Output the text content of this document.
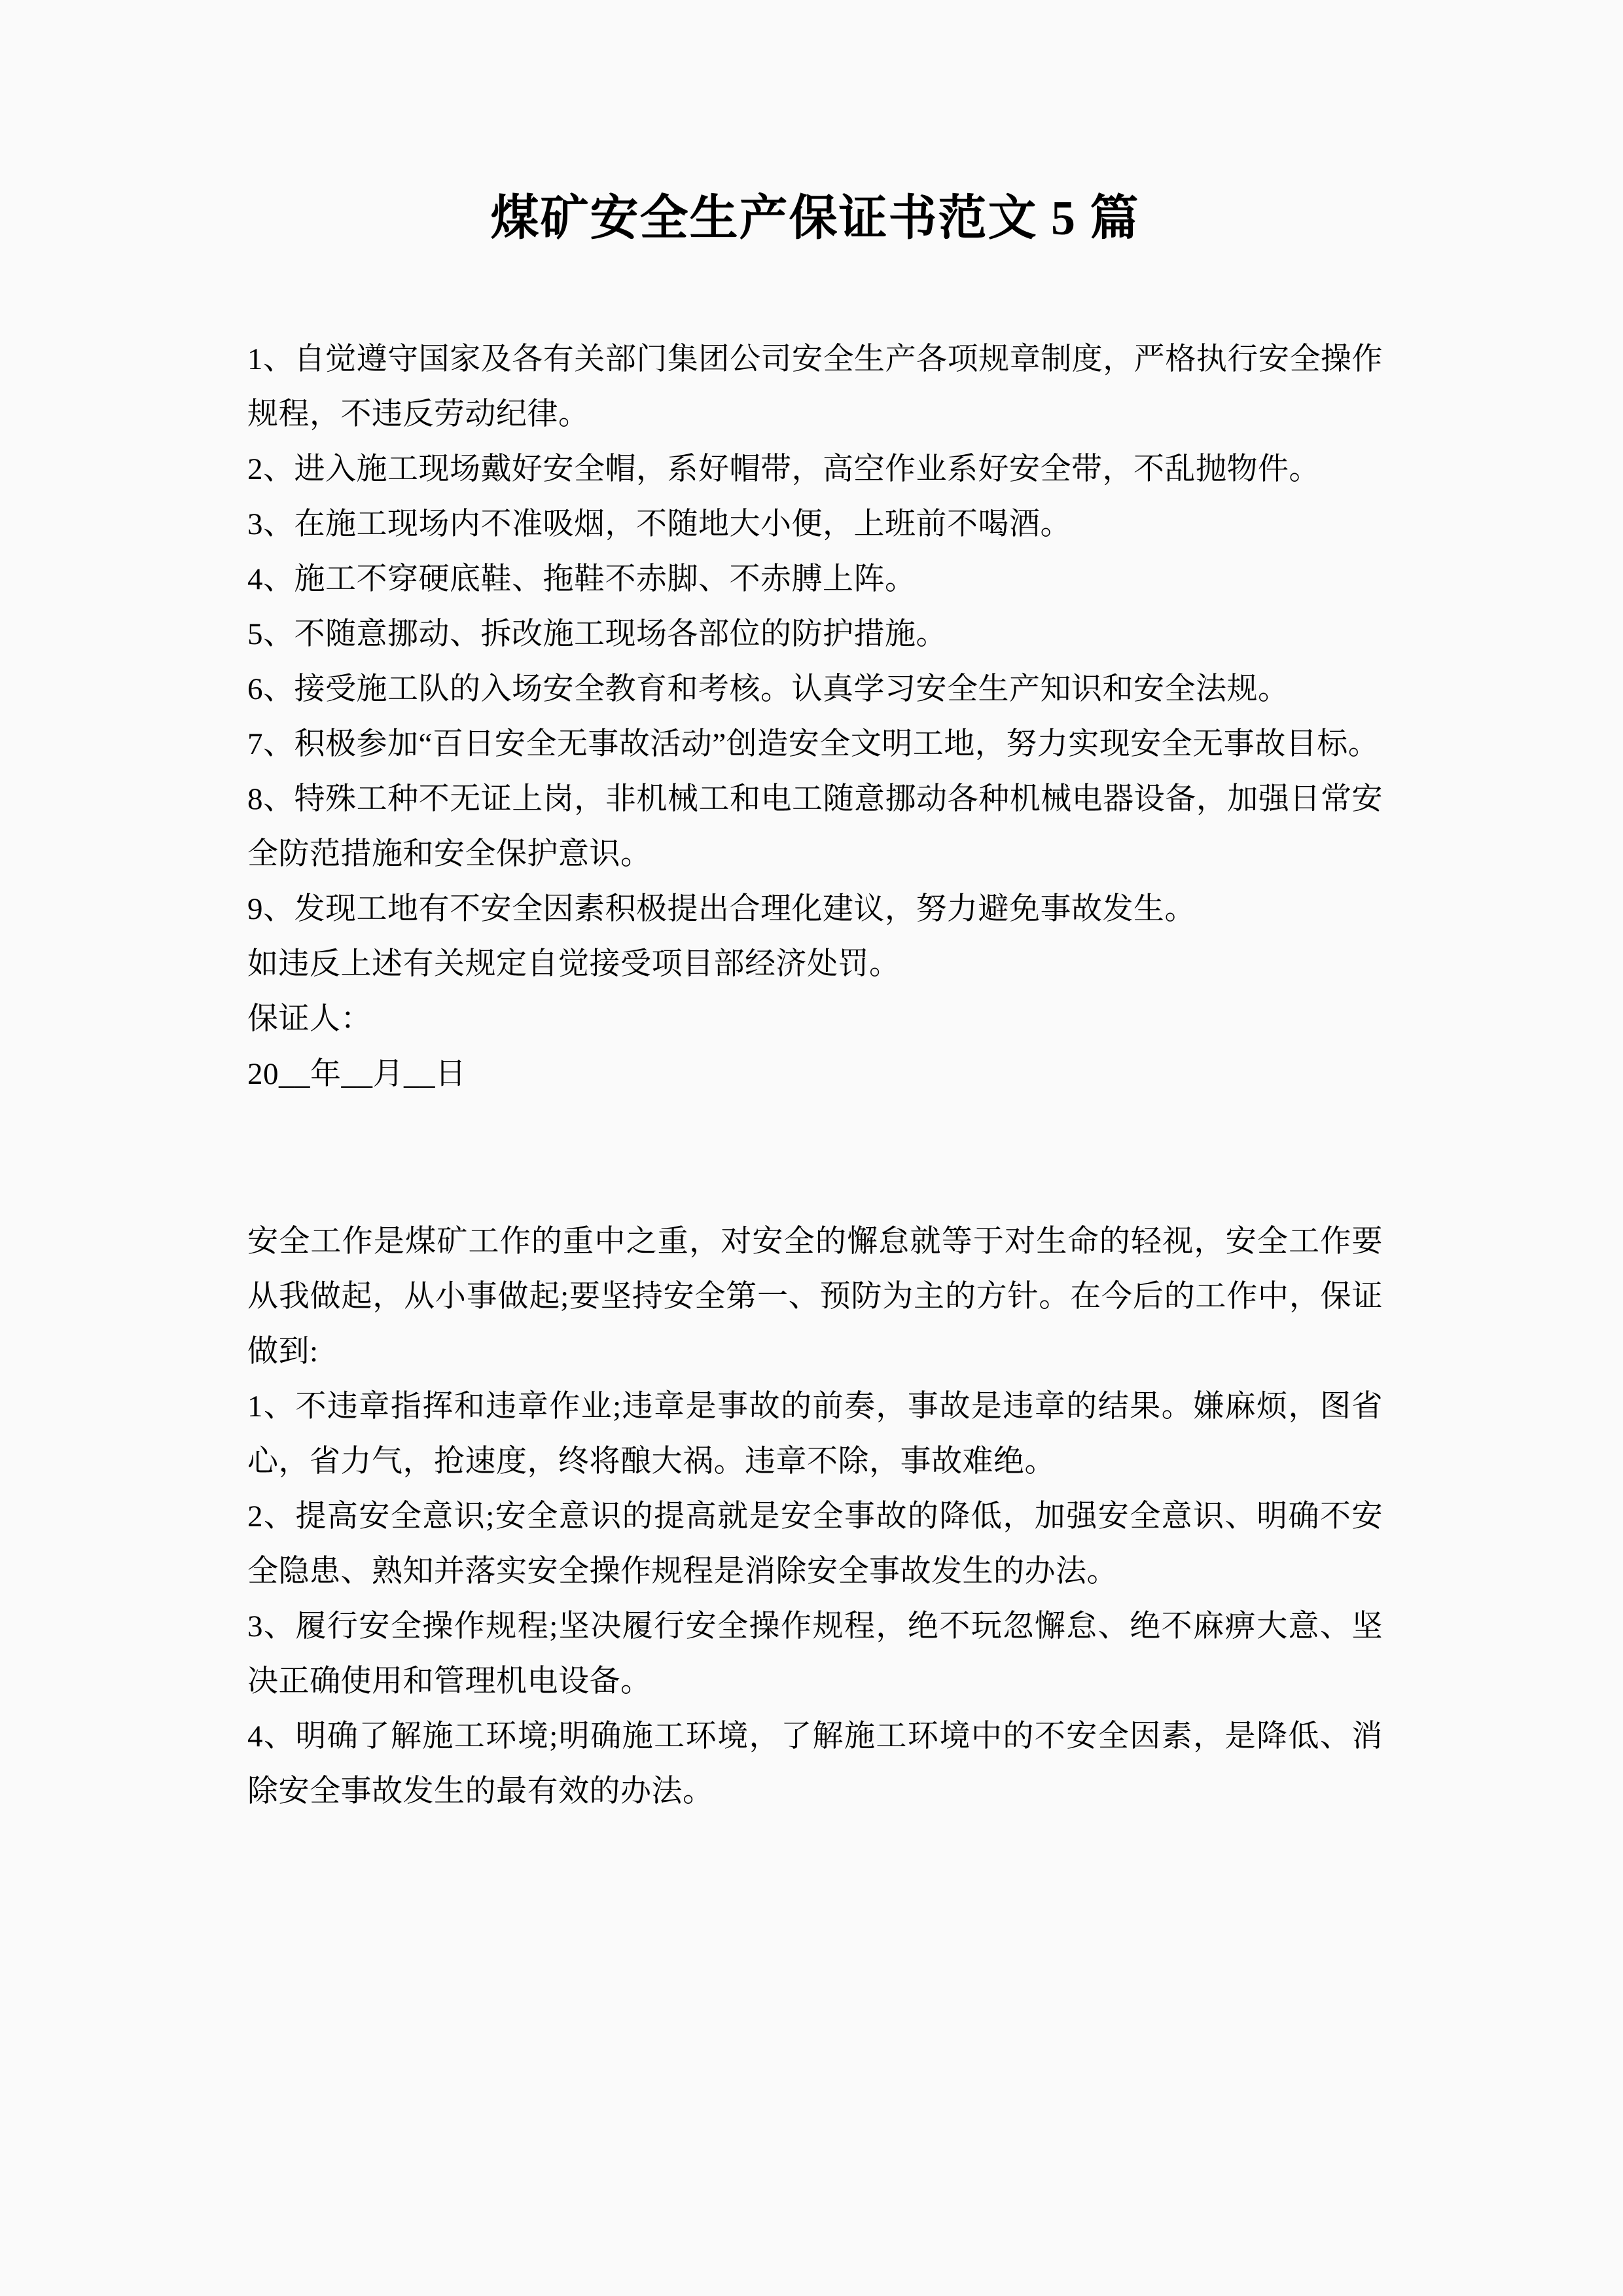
煤矿安全生产保证书范文 5 篇

1、自觉遵守国家及各有关部门集团公司安全生产各项规章制度，严格执行安全操作规程，不违反劳动纪律。

2、进入施工现场戴好安全帽，系好帽带，高空作业系好安全带，不乱抛物件。

3、在施工现场内不准吸烟，不随地大小便，上班前不喝酒。

4、施工不穿硬底鞋、拖鞋不赤脚、不赤膊上阵。

5、不随意挪动、拆改施工现场各部位的防护措施。

6、接受施工队的入场安全教育和考核。认真学习安全生产知识和安全法规。

7、积极参加“百日安全无事故活动”创造安全文明工地，努力实现安全无事故目标。

8、特殊工种不无证上岗，非机械工和电工随意挪动各种机械电器设备，加强日常安全防范措施和安全保护意识。

9、发现工地有不安全因素积极提出合理化建议，努力避免事故发生。

如违反上述有关规定自觉接受项目部经济处罚。

保证人：

20__年__月__日

安全工作是煤矿工作的重中之重，对安全的懈怠就等于对生命的轻视，安全工作要从我做起，从小事做起;要坚持安全第一、预防为主的方针。在今后的工作中，保证做到:

1、不违章指挥和违章作业;违章是事故的前奏，事故是违章的结果。嫌麻烦，图省心，省力气，抢速度，终将酿大祸。违章不除，事故难绝。

2、提高安全意识;安全意识的提高就是安全事故的降低，加强安全意识、明确不安全隐患、熟知并落实安全操作规程是消除安全事故发生的办法。

3、履行安全操作规程;坚决履行安全操作规程，绝不玩忽懈怠、绝不麻痹大意、坚决正确使用和管理机电设备。

4、明确了解施工环境;明确施工环境，了解施工环境中的不安全因素，是降低、消除安全事故发生的最有效的办法。
